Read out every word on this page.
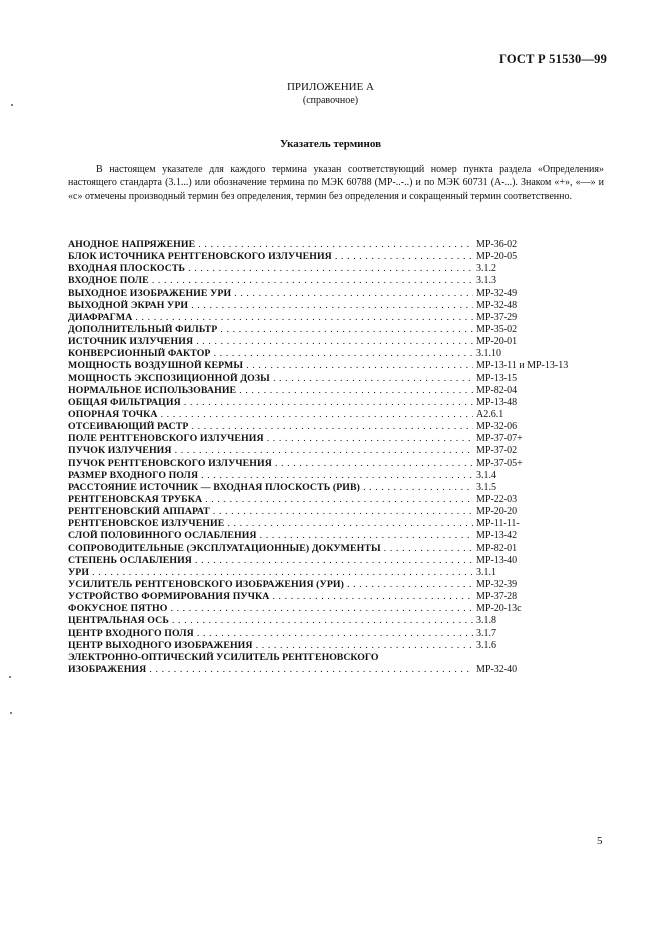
ГОСТ Р 51530—99
ПРИЛОЖЕНИЕ А
(справочное)
Указатель терминов

В настоящем указателе для каждого термина указан соответствующий номер пункта раздела «Определения» настоящего стандарта (3.1...) или обозначение термина по МЭК 60788 (МР-..-..) и по МЭК 60731 (А-...). Знаком «+», «—» и «с» отмечены производный термин без определения, термин без определения и сокращенный термин соответственно.

АНОДНОЕ НАПРЯЖЕНИЕ . . .	МР-36-02
БЛОК ИСТОЧНИКА РЕНТГЕНОВСКОГО ИЗЛУЧЕНИЯ . . .	МР-20-05
ВХОДНАЯ ПЛОСКОСТЬ . . .	3.1.2
ВХОДНОЕ ПОЛЕ . . .	3.1.3
ВЫХОДНОЕ ИЗОБРАЖЕНИЕ УРИ . . .	МР-32-49
ВЫХОДНОЙ ЭКРАН УРИ . . .	МР-32-48
ДИАФРАГМА . . .	МР-37-29
ДОПОЛНИТЕЛЬНЫЙ ФИЛЬТР . . .	МР-35-02
ИСТОЧНИК ИЗЛУЧЕНИЯ . . .	МР-20-01
КОНВЕРСИОННЫЙ ФАКТОР . . .	3.1.10
МОЩНОСТЬ ВОЗДУШНОЙ КЕРМЫ . . .	МР-13-11 и МР-13-13
МОЩНОСТЬ ЭКСПОЗИЦИОННОЙ ДОЗЫ . . .	МР-13-15
НОРМАЛЬНОЕ ИСПОЛЬЗОВАНИЕ . . .	МР-82-04
ОБЩАЯ ФИЛЬТРАЦИЯ . . .	МР-13-48
ОПОРНАЯ ТОЧКА . . .	А2.6.1
ОТСЕИВАЮЩИЙ РАСТР . . .	МР-32-06
ПОЛЕ РЕНТГЕНОВСКОГО ИЗЛУЧЕНИЯ . . .	МР-37-07+
ПУЧОК ИЗЛУЧЕНИЯ . . .	МР-37-02
ПУЧОК РЕНТГЕНОВСКОГО ИЗЛУЧЕНИЯ . . .	МР-37-05+
РАЗМЕР ВХОДНОГО ПОЛЯ . . .	3.1.4
РАССТОЯНИЕ ИСТОЧНИК — ВХОДНАЯ ПЛОСКОСТЬ (РИВ) . . .	3.1.5
РЕНТГЕНОВСКАЯ ТРУБКА . . .	МР-22-03
РЕНТГЕНОВСКИЙ АППАРАТ . . .	МР-20-20
РЕНТГЕНОВСКОЕ ИЗЛУЧЕНИЕ . . .	МР-11-11-
СЛОЙ ПОЛОВИННОГО ОСЛАБЛЕНИЯ . . .	МР-13-42
СОПРОВОДИТЕЛЬНЫЕ (ЭКСПЛУАТАЦИОННЫЕ) ДОКУМЕНТЫ . . .	МР-82-01
СТЕПЕНЬ ОСЛАБЛЕНИЯ . . .	МР-13-40
УРИ . . .	3.1.1
УСИЛИТЕЛЬ РЕНТГЕНОВСКОГО ИЗОБРАЖЕНИЯ (УРИ) . . .	МР-32-39
УСТРОЙСТВО ФОРМИРОВАНИЯ ПУЧКА . . .	МР-37-28
ФОКУСНОЕ ПЯТНО . . .	МР-20-13с
ЦЕНТРАЛЬНАЯ ОСЬ . . .	3.1.8
ЦЕНТР ВХОДНОГО ПОЛЯ . . .	3.1.7
ЦЕНТР ВЫХОДНОГО ИЗОБРАЖЕНИЯ . . .	3.1.6
ЭЛЕКТРОННО-ОПТИЧЕСКИЙ УСИЛИТЕЛЬ РЕНТГЕНОВСКОГО
ИЗОБРАЖЕНИЯ . . .	МР-32-40
5
